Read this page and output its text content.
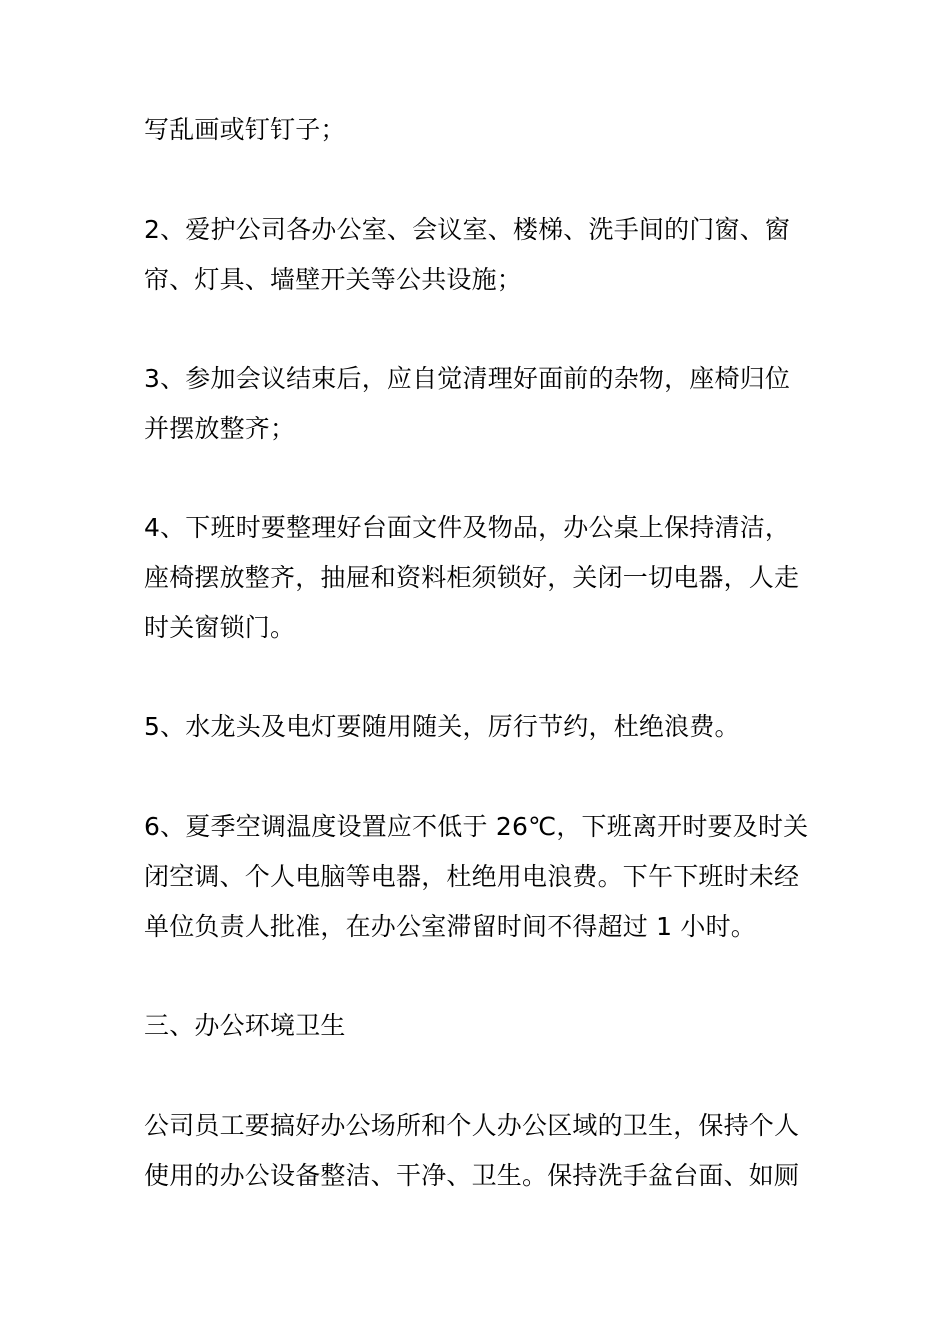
写乱画或钉钉子；

2、爱护公司各办公室、会议室、楼梯、洗手间的门窗、窗
帘、灯具、墙壁开关等公共设施；

3、参加会议结束后，应自觉清理好面前的杂物，座椅归位
并摆放整齐；

4、下班时要整理好台面文件及物品，办公桌上保持清洁，
座椅摆放整齐，抽屉和资料柜须锁好，关闭一切电器，人走
时关窗锁门。

5、水龙头及电灯要随用随关，厉行节约，杜绝浪费。

6、夏季空调温度设置应不低于 26℃，下班离开时要及时关
闭空调、个人电脑等电器，杜绝用电浪费。下午下班时未经
单位负责人批准，在办公室滞留时间不得超过 1 小时。

三、办公环境卫生

公司员工要搞好办公场所和个人办公区域的卫生，保持个人
使用的办公设备整洁、干净、卫生。保持洗手盆台面、如厕
